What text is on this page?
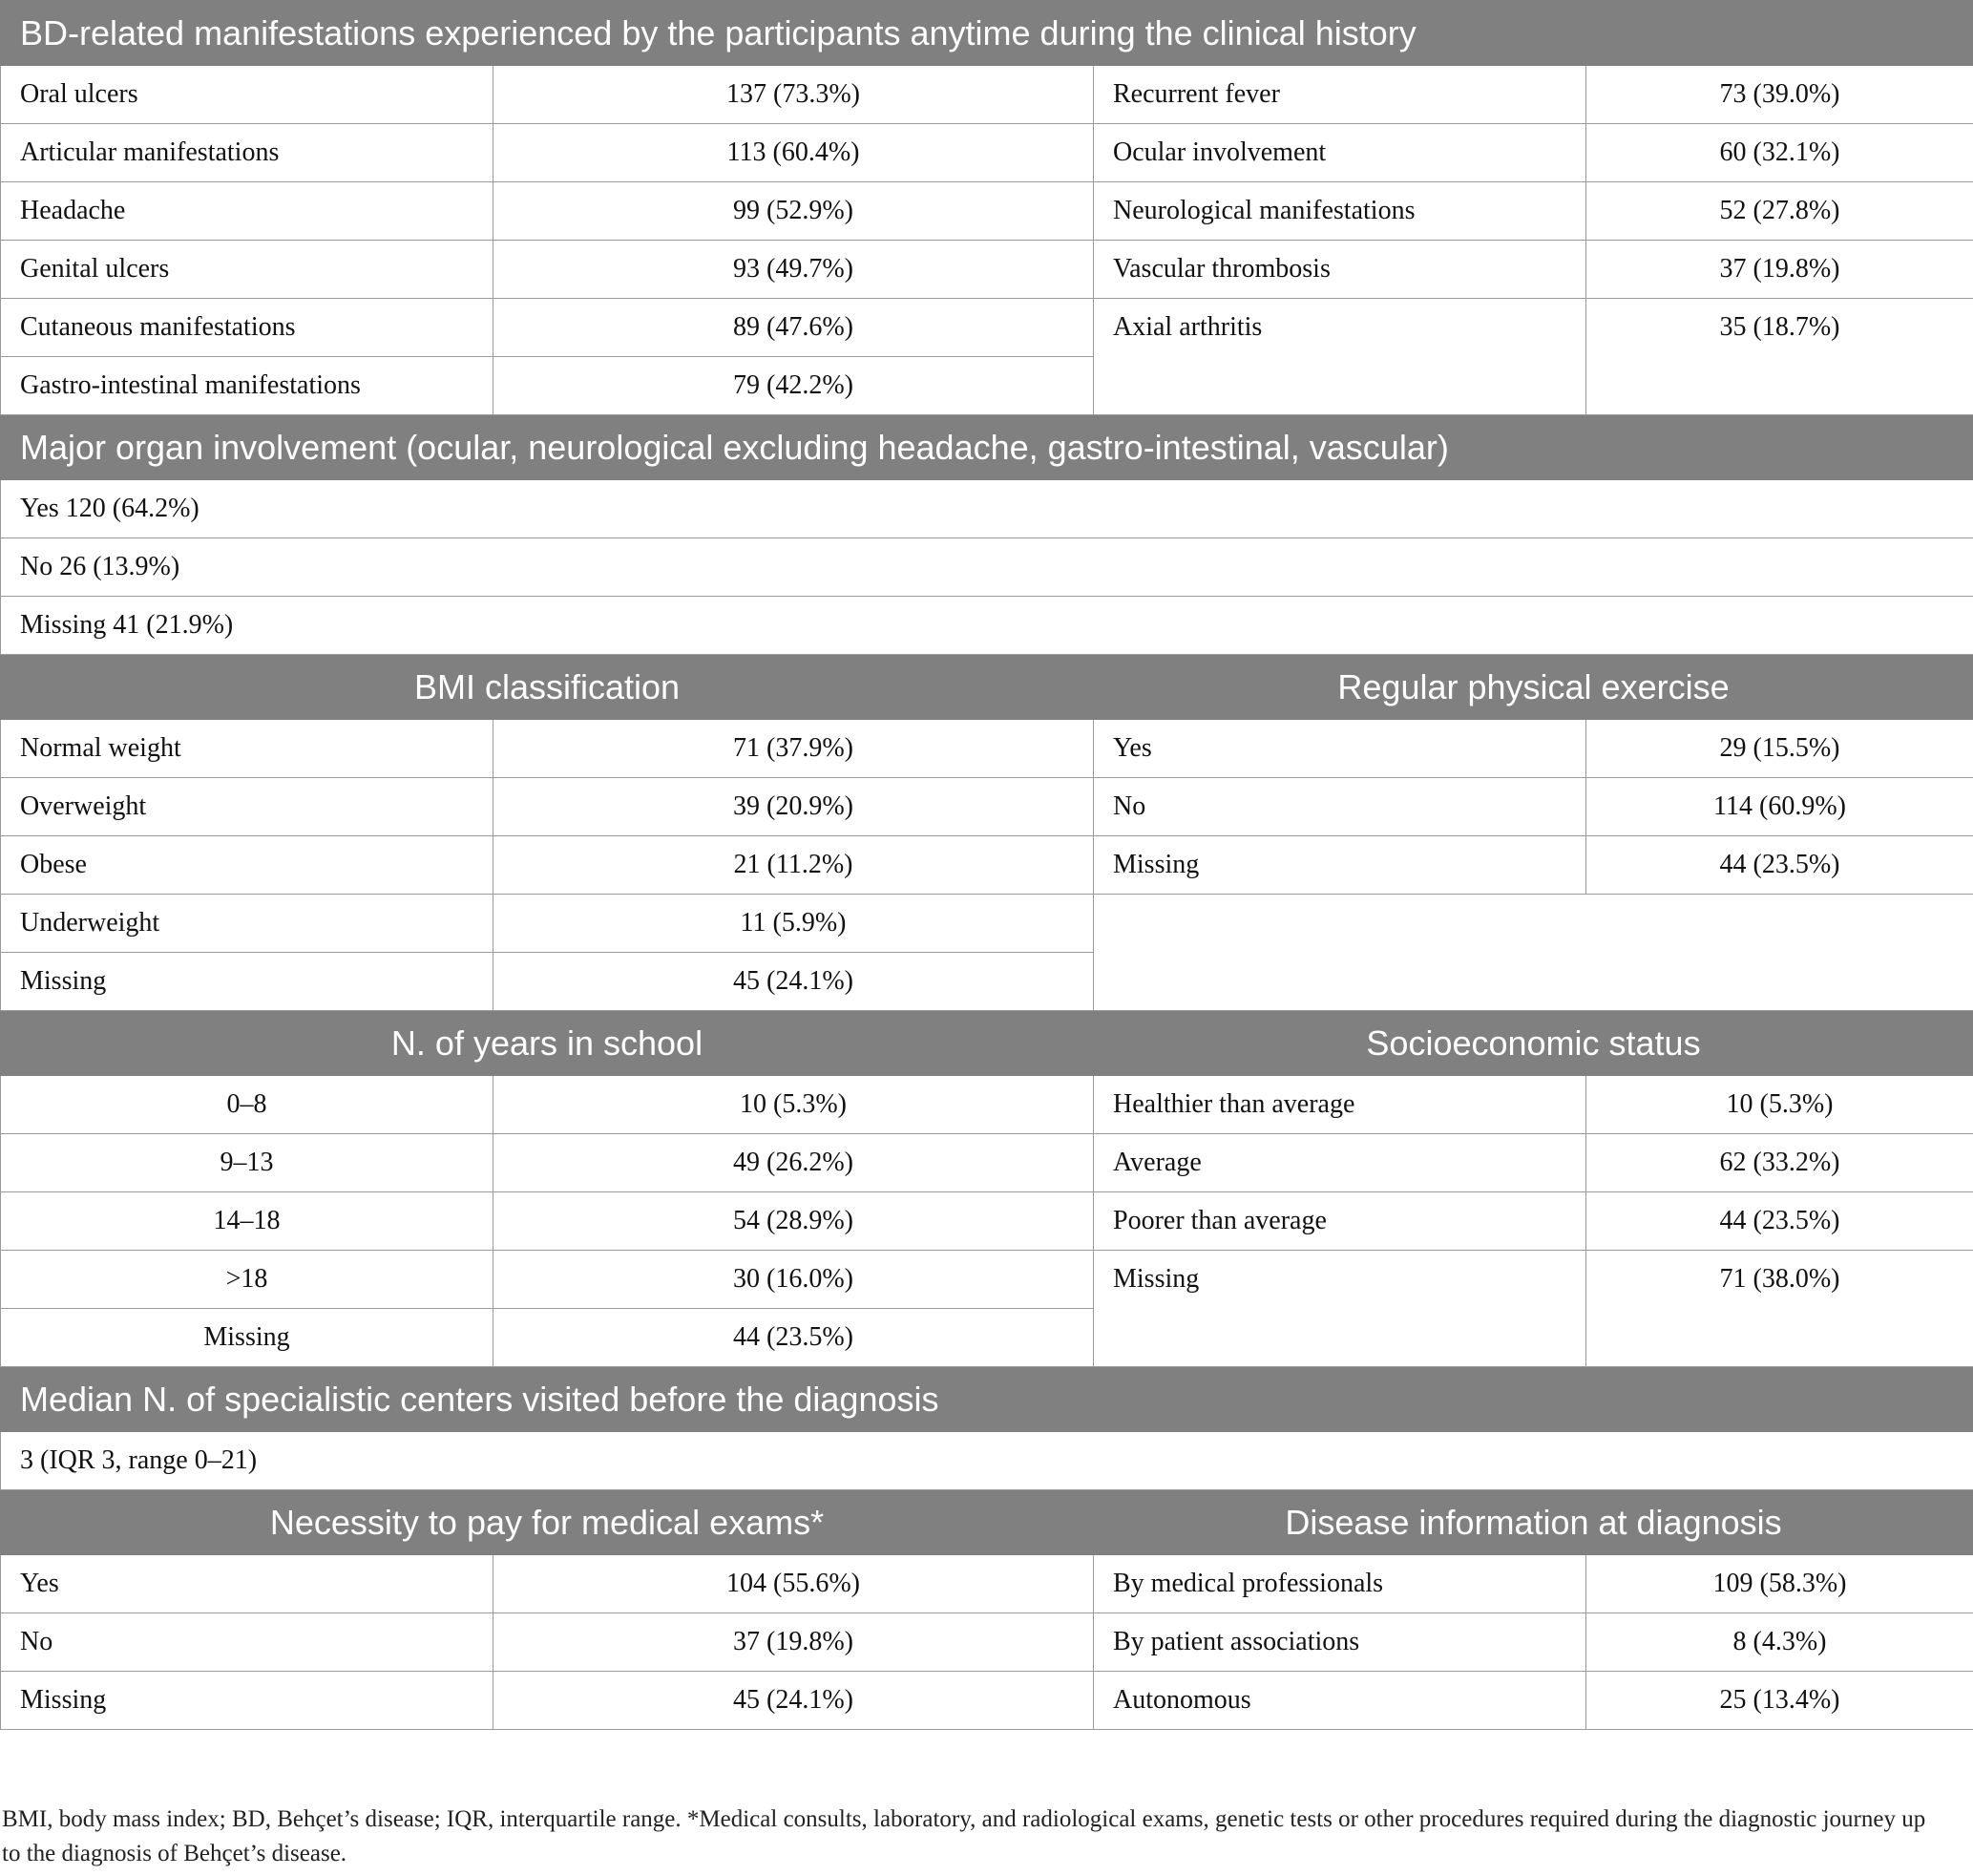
BD-related manifestations experienced by the participants anytime during the clinical history			
Oral ulcers	137 (73.3%)	Recurrent fever	73 (39.0%)
Articular manifestations	113 (60.4%)	Ocular involvement	60 (32.1%)
Headache	99 (52.9%)	Neurological manifestations	52 (27.8%)
Genital ulcers	93 (49.7%)	Vascular thrombosis	37 (19.8%)
Cutaneous manifestations	89 (47.6%)	Axial arthritis	35 (18.7%)
Gastro-intestinal manifestations	79 (42.2%)		
Major organ involvement (ocular, neurological excluding headache, gastro-intestinal, vascular)			
Yes 120 (64.2%)			
No 26 (13.9%)			
Missing 41 (21.9%)			
BMI classification		Regular physical exercise	
Normal weight	71 (37.9%)	Yes	29 (15.5%)
Overweight	39 (20.9%)	No	114 (60.9%)
Obese	21 (11.2%)	Missing	44 (23.5%)
Underweight	11 (5.9%)		
Missing	45 (24.1%)		
N. of years in school		Socioeconomic status	
0–8	10 (5.3%)	Healthier than average	10 (5.3%)
9–13	49 (26.2%)	Average	62 (33.2%)
14–18	54 (28.9%)	Poorer than average	44 (23.5%)
>18	30 (16.0%)	Missing	71 (38.0%)
Missing	44 (23.5%)		
Median N. of specialistic centers visited before the diagnosis			
3 (IQR 3, range 0–21)			
Necessity to pay for medical exams*		Disease information at diagnosis	
Yes	104 (55.6%)	By medical professionals	109 (58.3%)
No	37 (19.8%)	By patient associations	8 (4.3%)
Missing	45 (24.1%)	Autonomous	25 (13.4%)
BMI, body mass index; BD, Behçet’s disease; IQR, interquartile range. *Medical consults, laboratory, and radiological exams, genetic tests or other procedures required during the diagnostic journey up to the diagnosis of Behçet’s disease.
